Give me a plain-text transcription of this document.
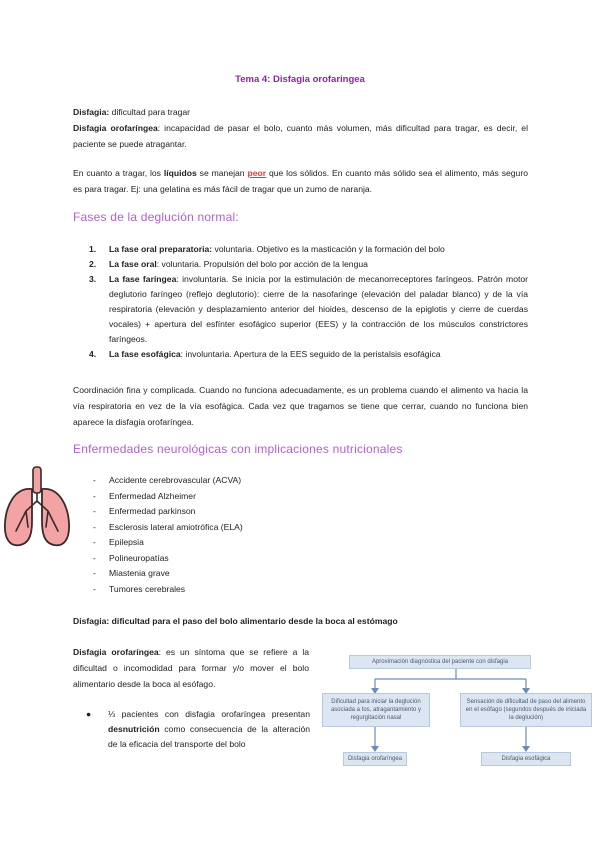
Tema 4: Disfagia orofaríngea
Disfagia: dificultad para tragar
Disfagia orofaríngea: incapacidad de pasar el bolo, cuanto más volumen, más dificultad para tragar, es decir, el paciente se puede atragantar.
En cuanto a tragar, los líquidos se manejan peor que los sólidos. En cuanto más sólido sea el alimento, más seguro es para tragar. Ej: una gelatina es más fácil de tragar que un zumo de naranja.
Fases de la deglución normal:
1. La fase oral preparatoria: voluntaria. Objetivo es la masticación y la formación del bolo
2. La fase oral: voluntaria. Propulsión del bolo por acción de la lengua
3. La fase faríngea: involuntaria. Se inicia por la estimulación de mecanorreceptores faríngeos. Patrón motor deglutorio faríngeo (reflejo deglutorio): cierre de la nasofaringe (elevación del paladar blanco) y de la vía respiratoria (elevación y desplazamiento anterior del hioides, descenso de la epiglotis y cierre de cuerdas vocales) + apertura del esfínter esofágico superior (EES) y la contracción de los músculos constrictores faríngeos.
4. La fase esofágica: involuntaria. Apertura de la EES seguido de la peristalsis esofágica
Coordinación fina y complicada. Cuando no funciona adecuadamente, es un problema cuando el alimento va hacia la vía respiratoria en vez de la vía esofágica. Cada vez que tragamos se tiene que cerrar, cuando no funciona bien aparece la disfagia orofaríngea.
Enfermedades neurológicas con implicaciones nutricionales
- Accidente cerebrovascular (ACVA)
- Enfermedad Alzheimer
- Enfermedad parkinson
- Esclerosis lateral amiotrófica (ELA)
- Epilepsia
- Polineuropatías
- Miastenia grave
- Tumores cerebrales
Disfagia: dificultad para el paso del bolo alimentario desde la boca al estómago
Disfagia orofaríngea: es un síntoma que se refiere a la dificultad o incomodidad para formar y/o mover el bolo alimentario desde la boca al esófago.
● ⅓ pacientes con disfagia orofaríngea presentan desnutrición como consecuencia de la alteración de la eficacia del transporte del bolo
Aproximación diagnóstica del paciente con disfagia
Dificultad para iniciar la deglución asociada a tos, atragantamiento y regurgitación nasal
Sensación de dificultad de paso del alimento en el esófago (segundos después de iniciada la deglución)
Disfagia orofaríngea	Disfagia esofágica
